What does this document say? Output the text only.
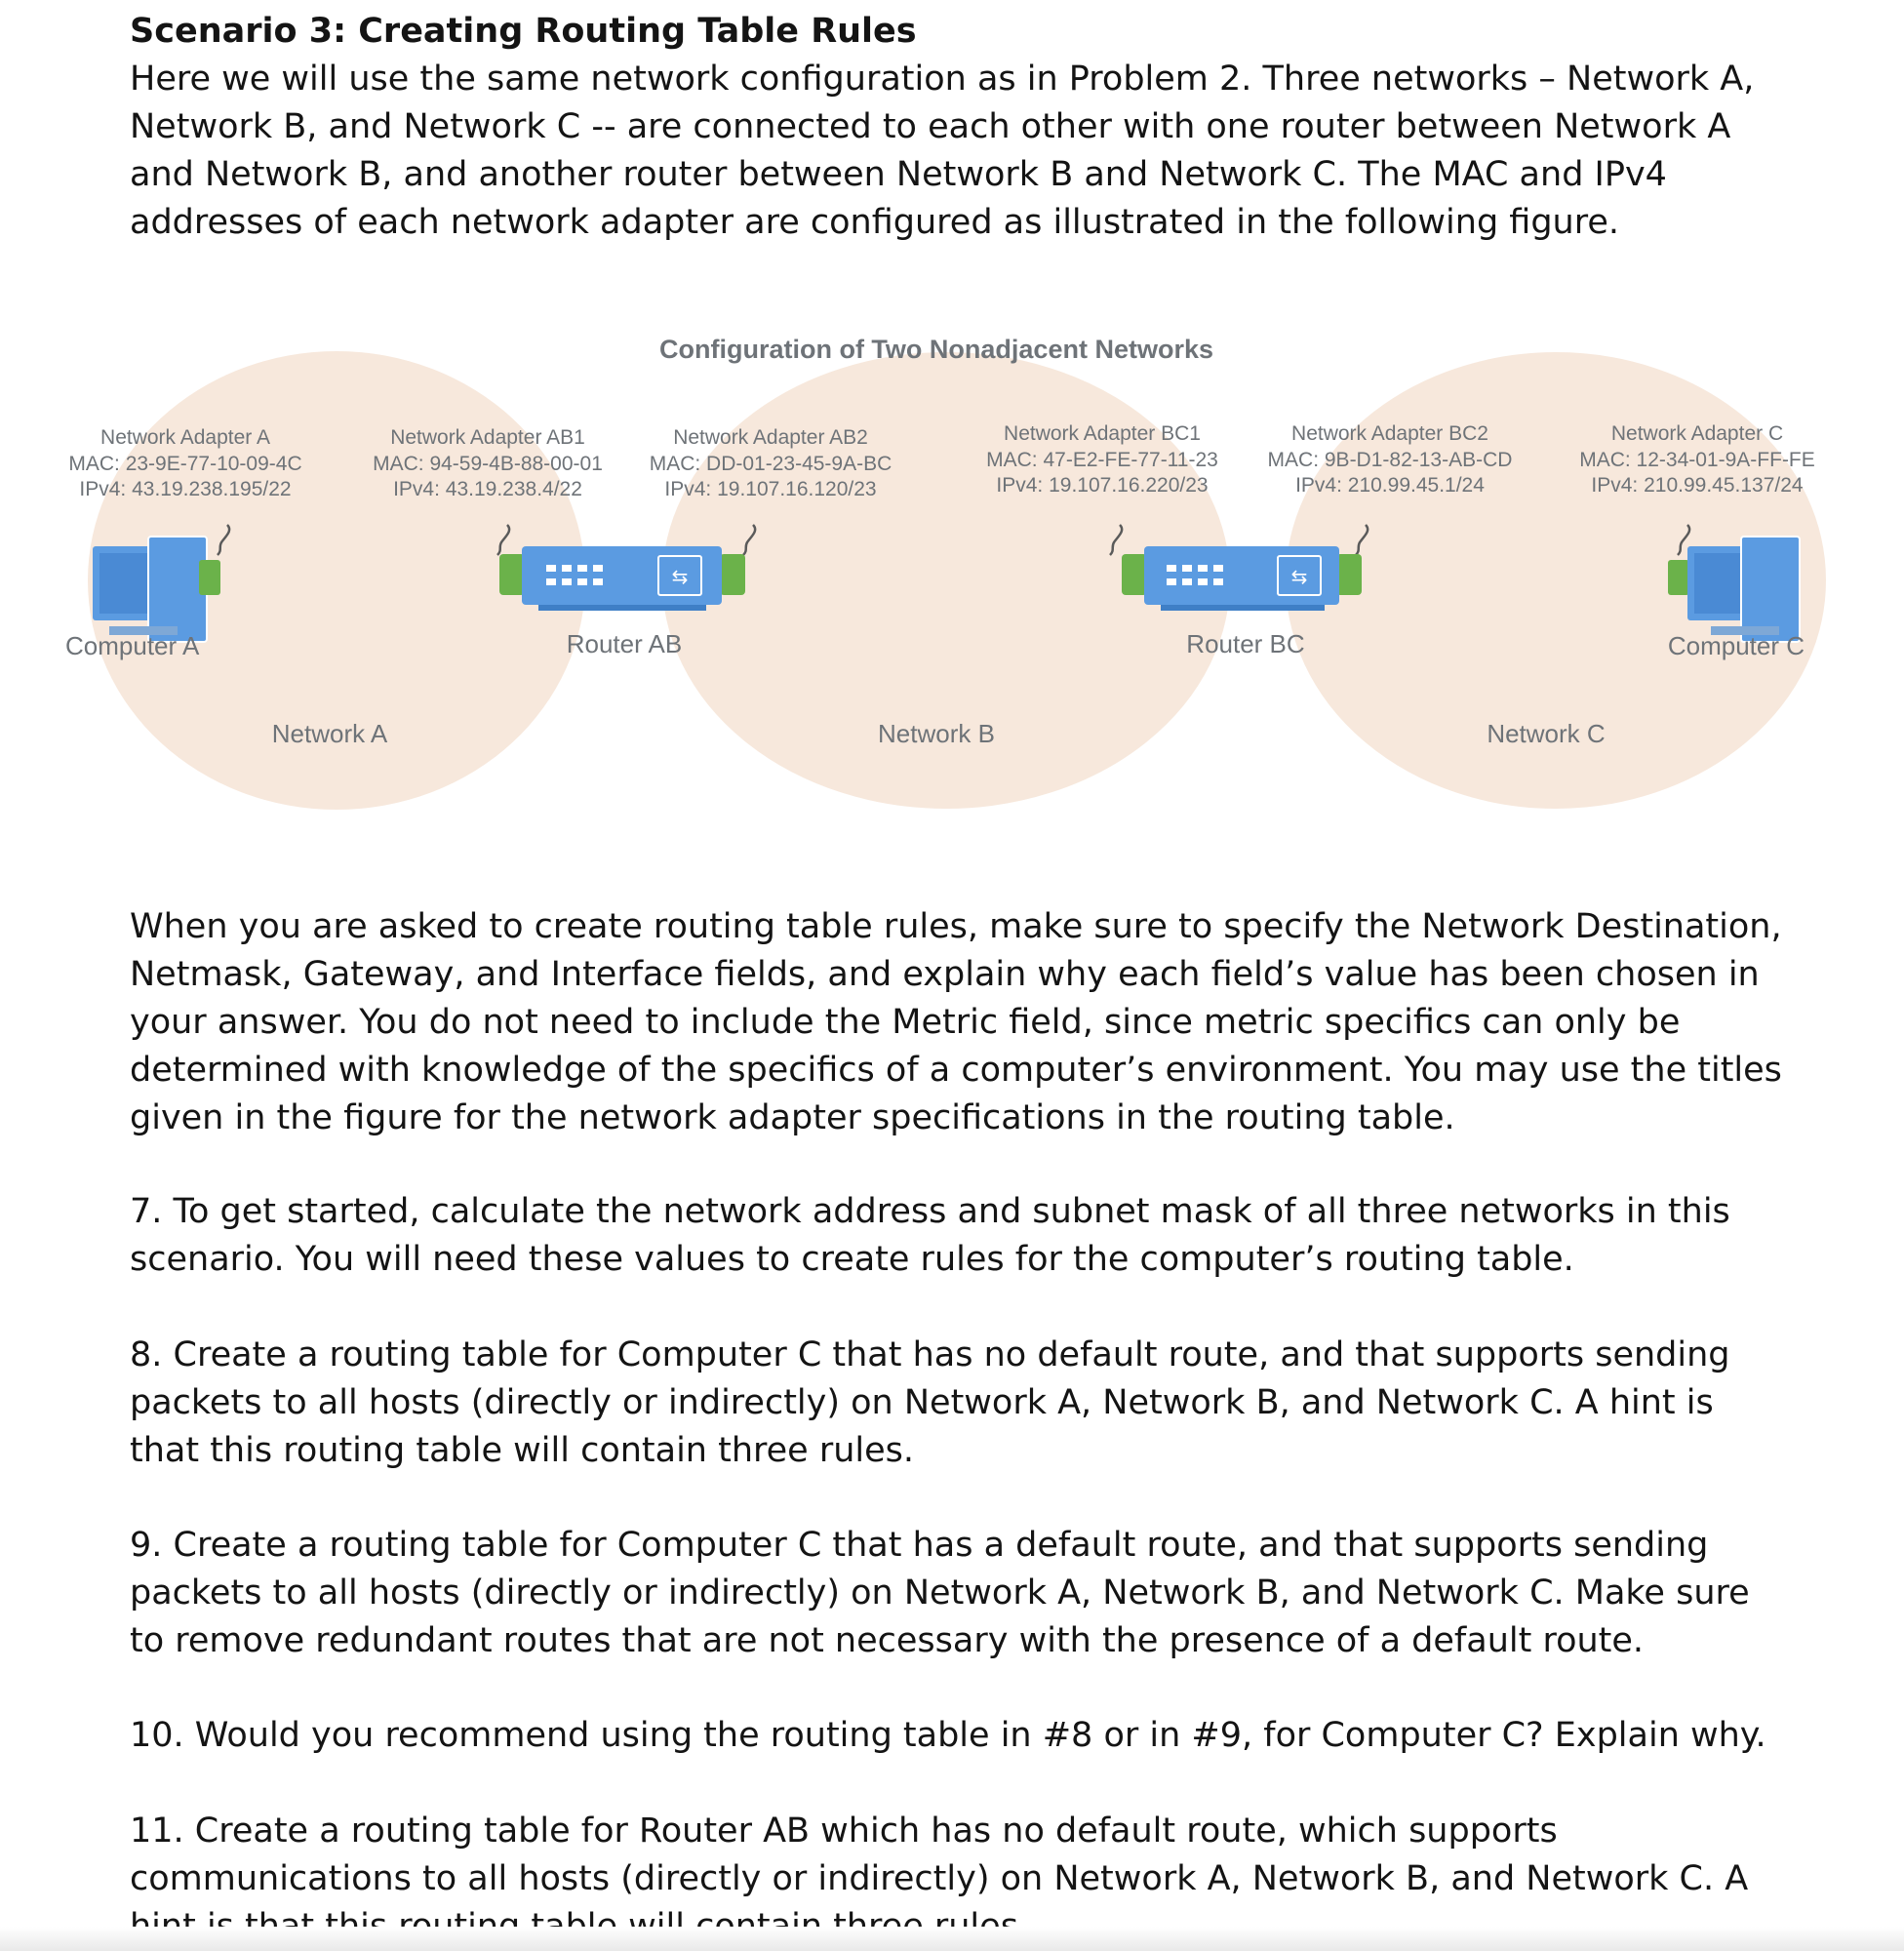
Scenario 3: Creating Routing Table Rules

Here we will use the same network configuration as in Problem 2. Three networks – Network A, Network B, and Network C -- are connected to each other with one router between Network A and Network B, and another router between Network B and Network C. The MAC and IPv4 addresses of each network adapter are configured as illustrated in the following figure.

Configuration of Two Nonadjacent Networks
Network Adapter A
MAC: 23-9E-77-10-09-4C
IPv4: 43.19.238.195/22
Network Adapter AB1
MAC: 94-59-4B-88-00-01
IPv4: 43.19.238.4/22
Network Adapter AB2
MAC: DD-01-23-45-9A-BC
IPv4: 19.107.16.120/23
Network Adapter BC1
MAC: 47-E2-FE-77-11-23
IPv4: 19.107.16.220/23
Network Adapter BC2
MAC: 9B-D1-82-13-AB-CD
IPv4: 210.99.45.1/24
Network Adapter C
MAC: 12-34-01-9A-FF-FE
IPv4: 210.99.45.137/24
⇆	⇆
Computer A	Router AB	Router BC	Computer C
Network A	Network B	Network C

When you are asked to create routing table rules, make sure to specify the Network Destination, Netmask, Gateway, and Interface fields, and explain why each field’s value has been chosen in your answer. You do not need to include the Metric field, since metric specifics can only be determined with knowledge of the specifics of a computer’s environment. You may use the titles given in the figure for the network adapter specifications in the routing table.

7. To get started, calculate the network address and subnet mask of all three networks in this scenario. You will need these values to create rules for the computer’s routing table.

8. Create a routing table for Computer C that has no default route, and that supports sending packets to all hosts (directly or indirectly) on Network A, Network B, and Network C. A hint is that this routing table will contain three rules.

9. Create a routing table for Computer C that has a default route, and that supports sending packets to all hosts (directly or indirectly) on Network A, Network B, and Network C. Make sure to remove redundant routes that are not necessary with the presence of a default route.

10. Would you recommend using the routing table in #8 or in #9, for Computer C? Explain why.

11. Create a routing table for Router AB which has no default route, which supports communications to all hosts (directly or indirectly) on Network A, Network B, and Network C. A
